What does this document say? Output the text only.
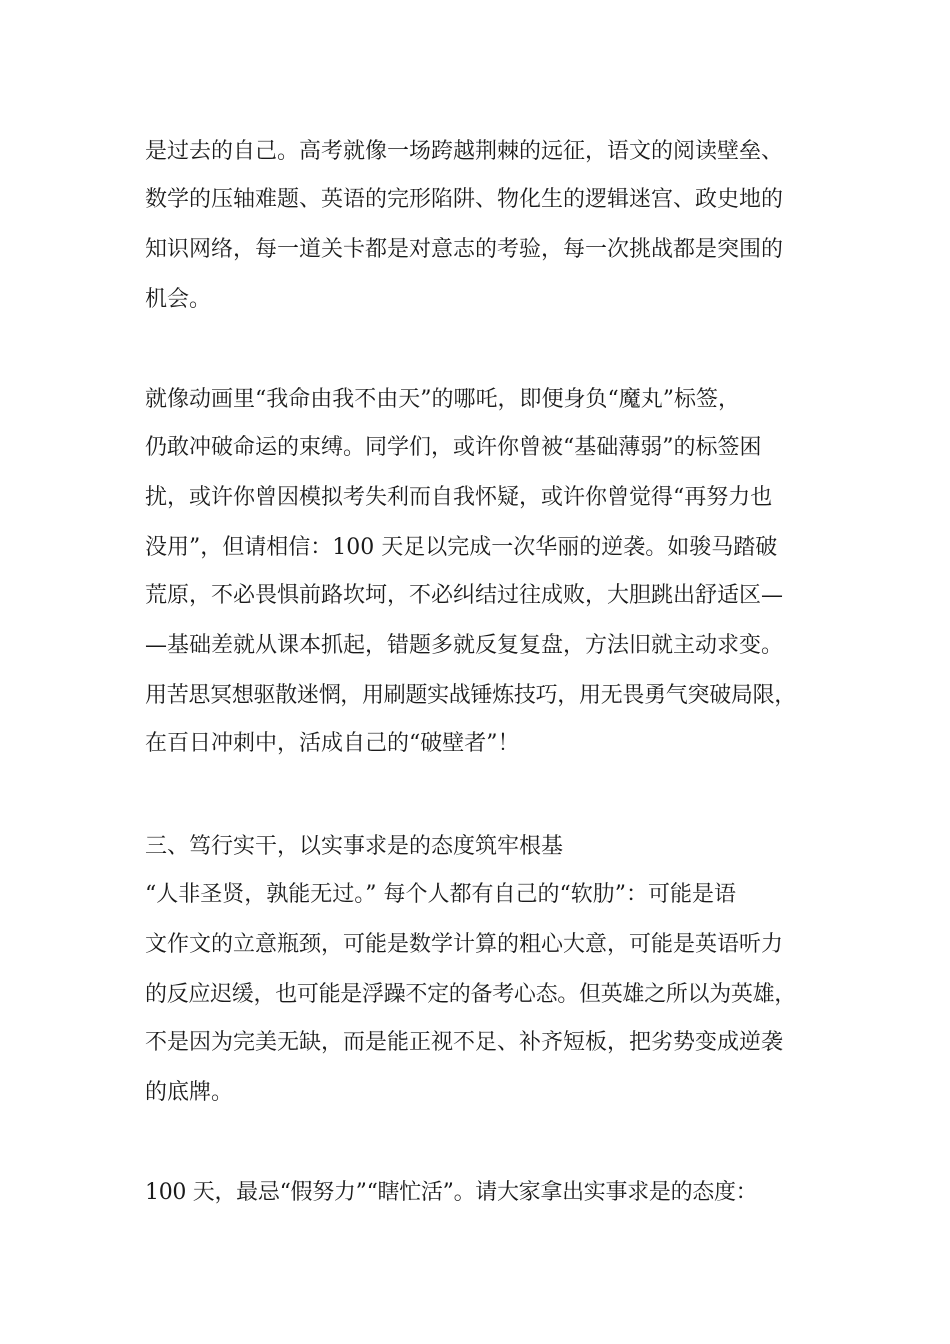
是过去的自己。高考就像一场跨越荆棘的远征，语文的阅读壁垒、

数学的压轴难题、英语的完形陷阱、物化生的逻辑迷宫、政史地的

知识网络，每一道关卡都是对意志的考验，每一次挑战都是突围的

机会。

就像动画里“我命由我不由天”的哪吒，即便身负“魔丸”标签，

仍敢冲破命运的束缚。同学们，或许你曾被“基础薄弱”的标签困

扰，或许你曾因模拟考失利而自我怀疑，或许你曾觉得“再努力也

没用”，但请相信：100 天足以完成一次华丽的逆袭。如骏马踏破

荒原，不必畏惧前路坎坷，不必纠结过往成败，大胆跳出舒适区—

—基础差就从课本抓起，错题多就反复复盘，方法旧就主动求变。

用苦思冥想驱散迷惘，用刷题实战锤炼技巧，用无畏勇气突破局限，

在百日冲刺中，活成自己的“破壁者”！

三、笃行实干，以实事求是的态度筑牢根基

“人非圣贤，孰能无过。” 每个人都有自己的“软肋”：可能是语

文作文的立意瓶颈，可能是数学计算的粗心大意，可能是英语听力

的反应迟缓，也可能是浮躁不定的备考心态。但英雄之所以为英雄，

不是因为完美无缺，而是能正视不足、补齐短板，把劣势变成逆袭

的底牌。

100 天，最忌“假努力”“瞎忙活”。请大家拿出实事求是的态度：
